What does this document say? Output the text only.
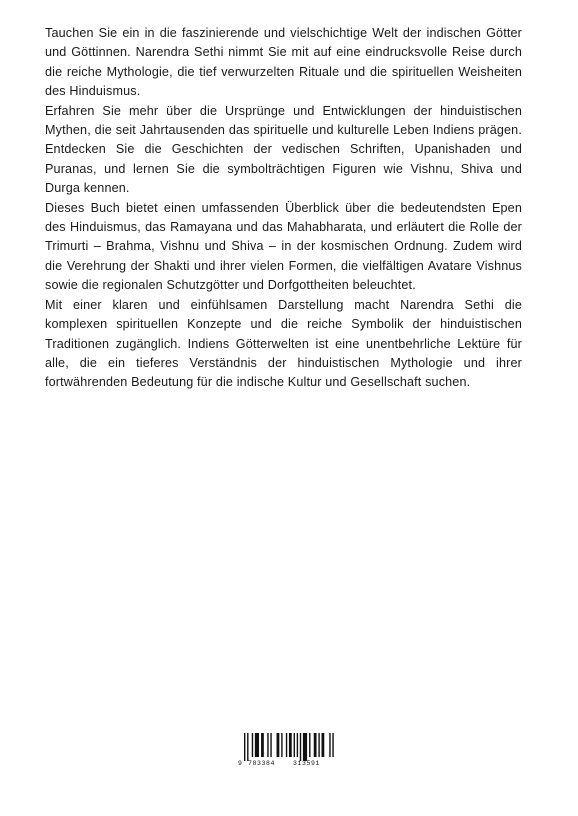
Tauchen Sie ein in die faszinierende und vielschichtige Welt der indischen Götter und Göttinnen. Narendra Sethi nimmt Sie mit auf eine eindrucksvolle Reise durch die reiche Mythologie, die tief verwurzelten Rituale und die spirituellen Weisheiten des Hinduismus.

Erfahren Sie mehr über die Ursprünge und Entwicklungen der hinduistischen Mythen, die seit Jahrtausenden das spirituelle und kulturelle Leben Indiens prägen. Entdecken Sie die Geschichten der vedischen Schriften, Upanishaden und Puranas, und lernen Sie die symbolträchtigen Figuren wie Vishnu, Shiva und Durga kennen.

Dieses Buch bietet einen umfassenden Überblick über die bedeutendsten Epen des Hinduismus, das Ramayana und das Mahabharata, und erläutert die Rolle der Trimurti – Brahma, Vishnu und Shiva – in der kosmischen Ordnung. Zudem wird die Verehrung der Shakti und ihrer vielen Formen, die vielfältigen Avatare Vishnus sowie die regionalen Schutzgötter und Dorfgottheiten beleuchtet.

Mit einer klaren und einfühlsamen Darstellung macht Narendra Sethi die komplexen spirituellen Konzepte und die reiche Symbolik der hinduistischen Traditionen zugänglich. Indiens Götterwelten ist eine unentbehrliche Lektüre für alle, die ein tieferes Verständnis der hinduistischen Mythologie und ihrer fortwährenden Bedeutung für die indische Kultur und Gesellschaft suchen.

9 783384	313591
